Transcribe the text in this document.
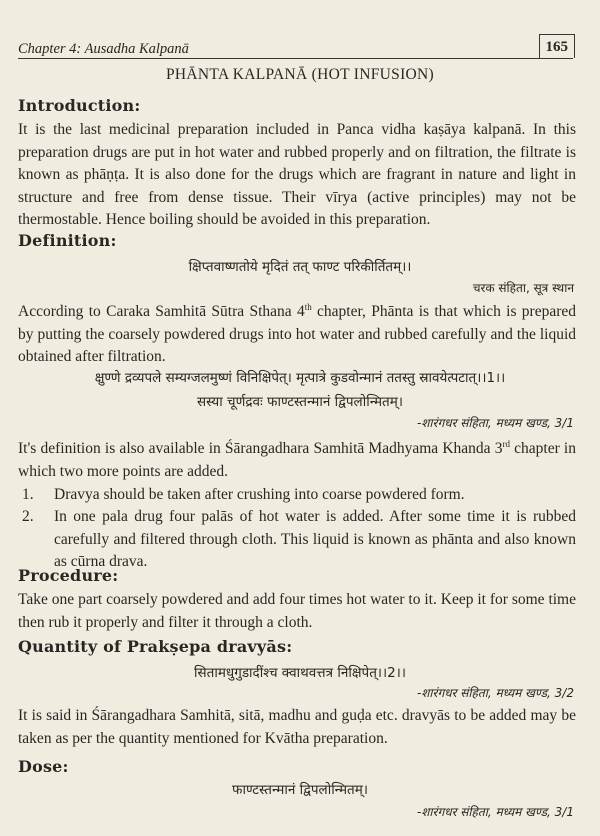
Chapter 4: Ausadha Kalpanā	165
PHĀNTA KALPANĀ (HOT INFUSION)
Introduction:
It is the last medicinal preparation included in Panca vidha kaṣāya kalpanā. In this preparation drugs are put in hot water and rubbed properly and on filtration, the filtrate is known as phāṇṭa. It is also done for the drugs which are fragrant in nature and light in structure and free from dense tissue. Their vīrya (active principles) may not be thermostable. Hence boiling should be avoided in this preparation.
Definition:
क्षिप्तवाष्णतोये मृदितं तत् फाण्ट परिकीर्तितम्।।
चरक संहिता, सूत्र स्थान
According to Caraka Samhitā Sūtra Sthana 4th chapter, Phānta is that which is prepared by putting the coarsely powdered drugs into hot water and rubbed carefully and the liquid obtained after filtration.
क्षुण्णे द्रव्यपले सम्यग्जलमुष्णं विनिक्षिपेत्। मृत्पात्रे कुडवोन्मानं ततस्तु स्रावयेत्पटात्।।1।।
सस्या चूर्णद्रवः फाण्टस्तन्मानं द्विपलोन्मितम्।
-शारंगधर संहिता, मध्यम खण्ड, 3/1
It's definition is also available in Śārangadhara Samhitā Madhyama Khanda 3rd chapter in which two more points are added.
1. Dravya should be taken after crushing into coarse powdered form.
2. In one pala drug four palās of hot water is added. After some time it is rubbed carefully and filtered through cloth. This liquid is known as phānta and also known as cūrna drava.
Procedure:
Take one part coarsely powdered and add four times hot water to it. Keep it for some time then rub it properly and filter it through a cloth.
Quantity of Prakṣepa dravyās:
सितामधुगुडादींश्च क्वाथवत्तत्र निक्षिपेत्।।2।।
-शारंगधर संहिता, मध्यम खण्ड, 3/2
It is said in Śārangadhara Samhitā, sitā, madhu and guḍa etc. dravyās to be added may be taken as per the quantity mentioned for Kvātha preparation.
Dose:
फाण्टस्तन्मानं द्विपलोन्मितम्।
-शारंगधर संहिता, मध्यम खण्ड, 3/1
